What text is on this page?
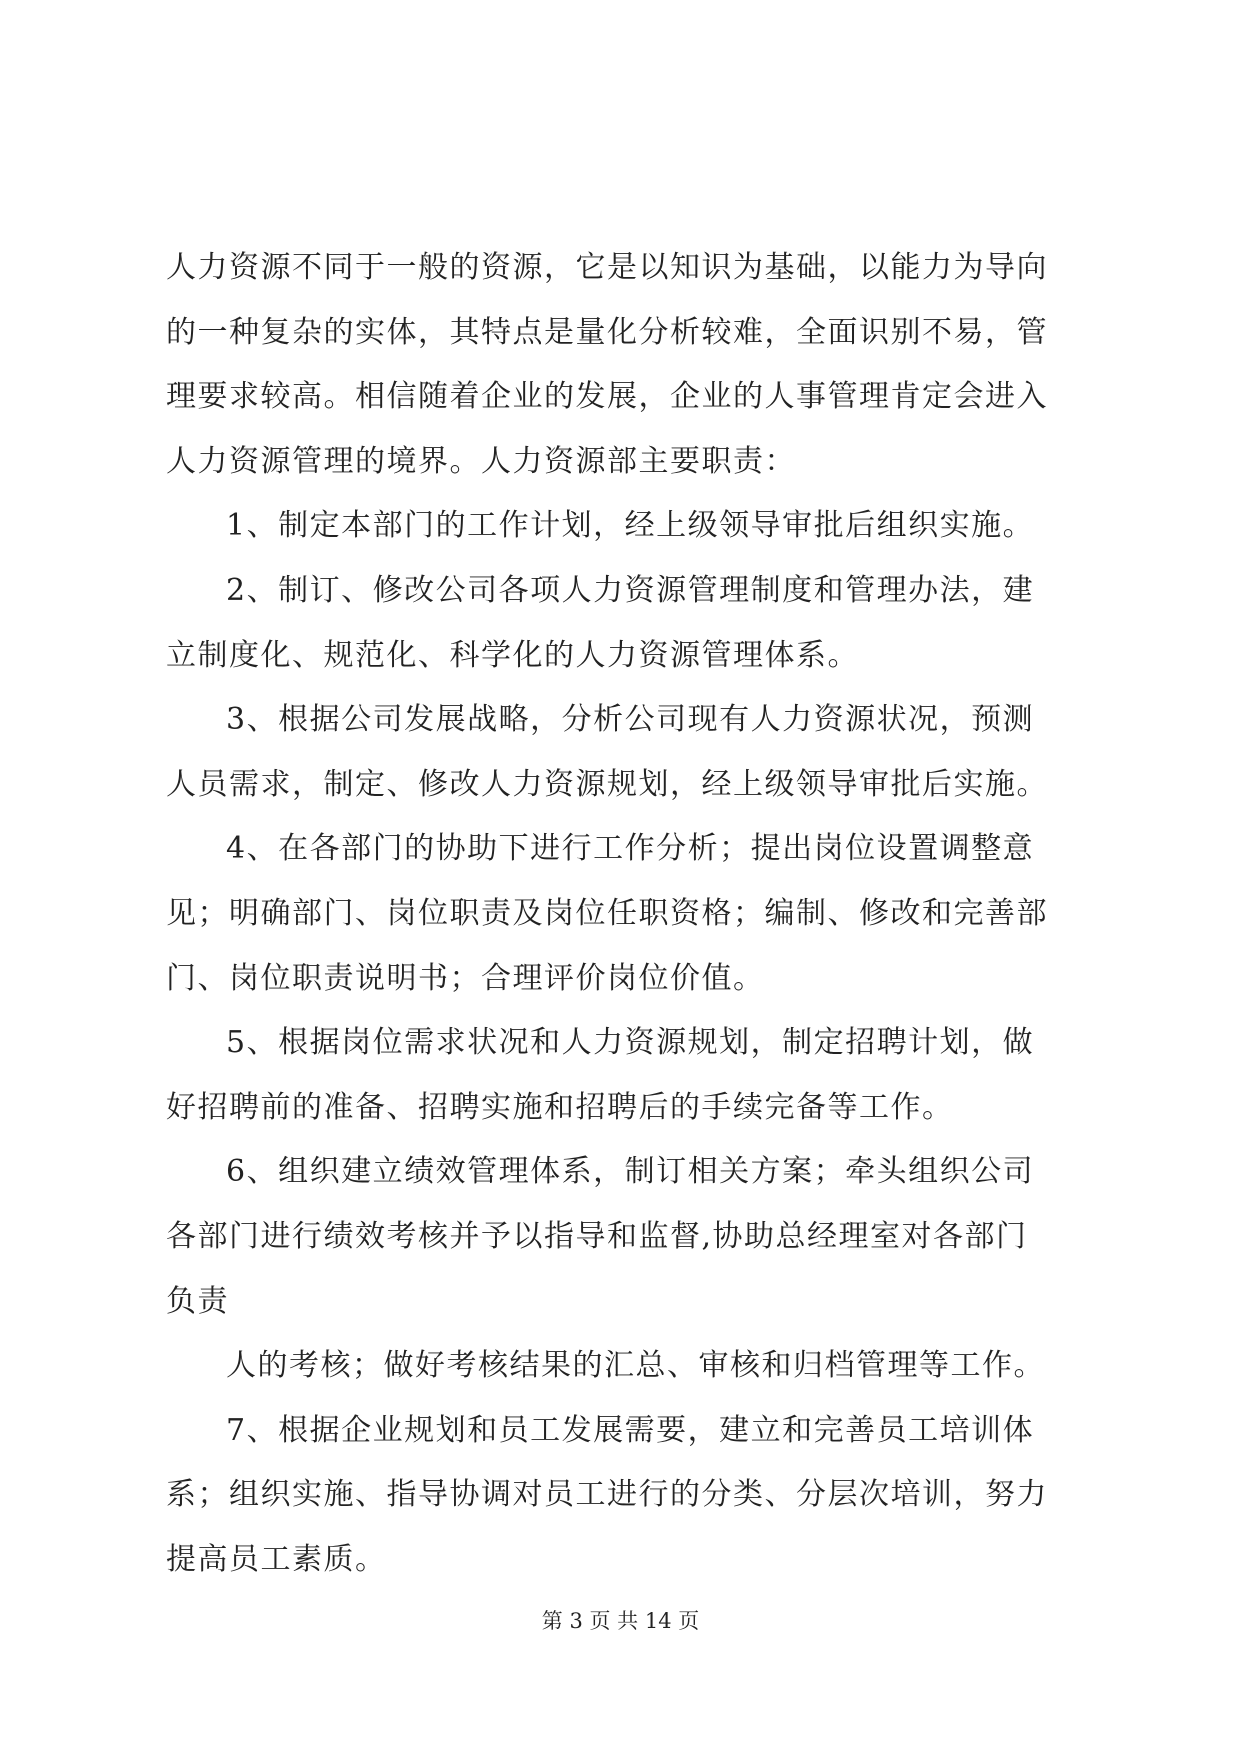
人力资源不同于一般的资源，它是以知识为基础，以能力为导向
的一种复杂的实体，其特点是量化分析较难，全面识别不易，管
理要求较高。相信随着企业的发展，企业的人事管理肯定会进入
人力资源管理的境界。人力资源部主要职责：
1、制定本部门的工作计划，经上级领导审批后组织实施。
2、制订、修改公司各项人力资源管理制度和管理办法，建
立制度化、规范化、科学化的人力资源管理体系。
3、根据公司发展战略，分析公司现有人力资源状况，预测
人员需求，制定、修改人力资源规划，经上级领导审批后实施。
4、在各部门的协助下进行工作分析；提出岗位设置调整意
见；明确部门、岗位职责及岗位任职资格；编制、修改和完善部
门、岗位职责说明书；合理评价岗位价值。
5、根据岗位需求状况和人力资源规划，制定招聘计划，做
好招聘前的准备、招聘实施和招聘后的手续完备等工作。
6、组织建立绩效管理体系，制订相关方案；牵头组织公司
各部门进行绩效考核并予以指导和监督,协助总经理室对各部门
负责
人的考核；做好考核结果的汇总、审核和归档管理等工作。
7、根据企业规划和员工发展需要，建立和完善员工培训体
系；组织实施、指导协调对员工进行的分类、分层次培训，努力
提高员工素质。
第 3 页 共 14 页
